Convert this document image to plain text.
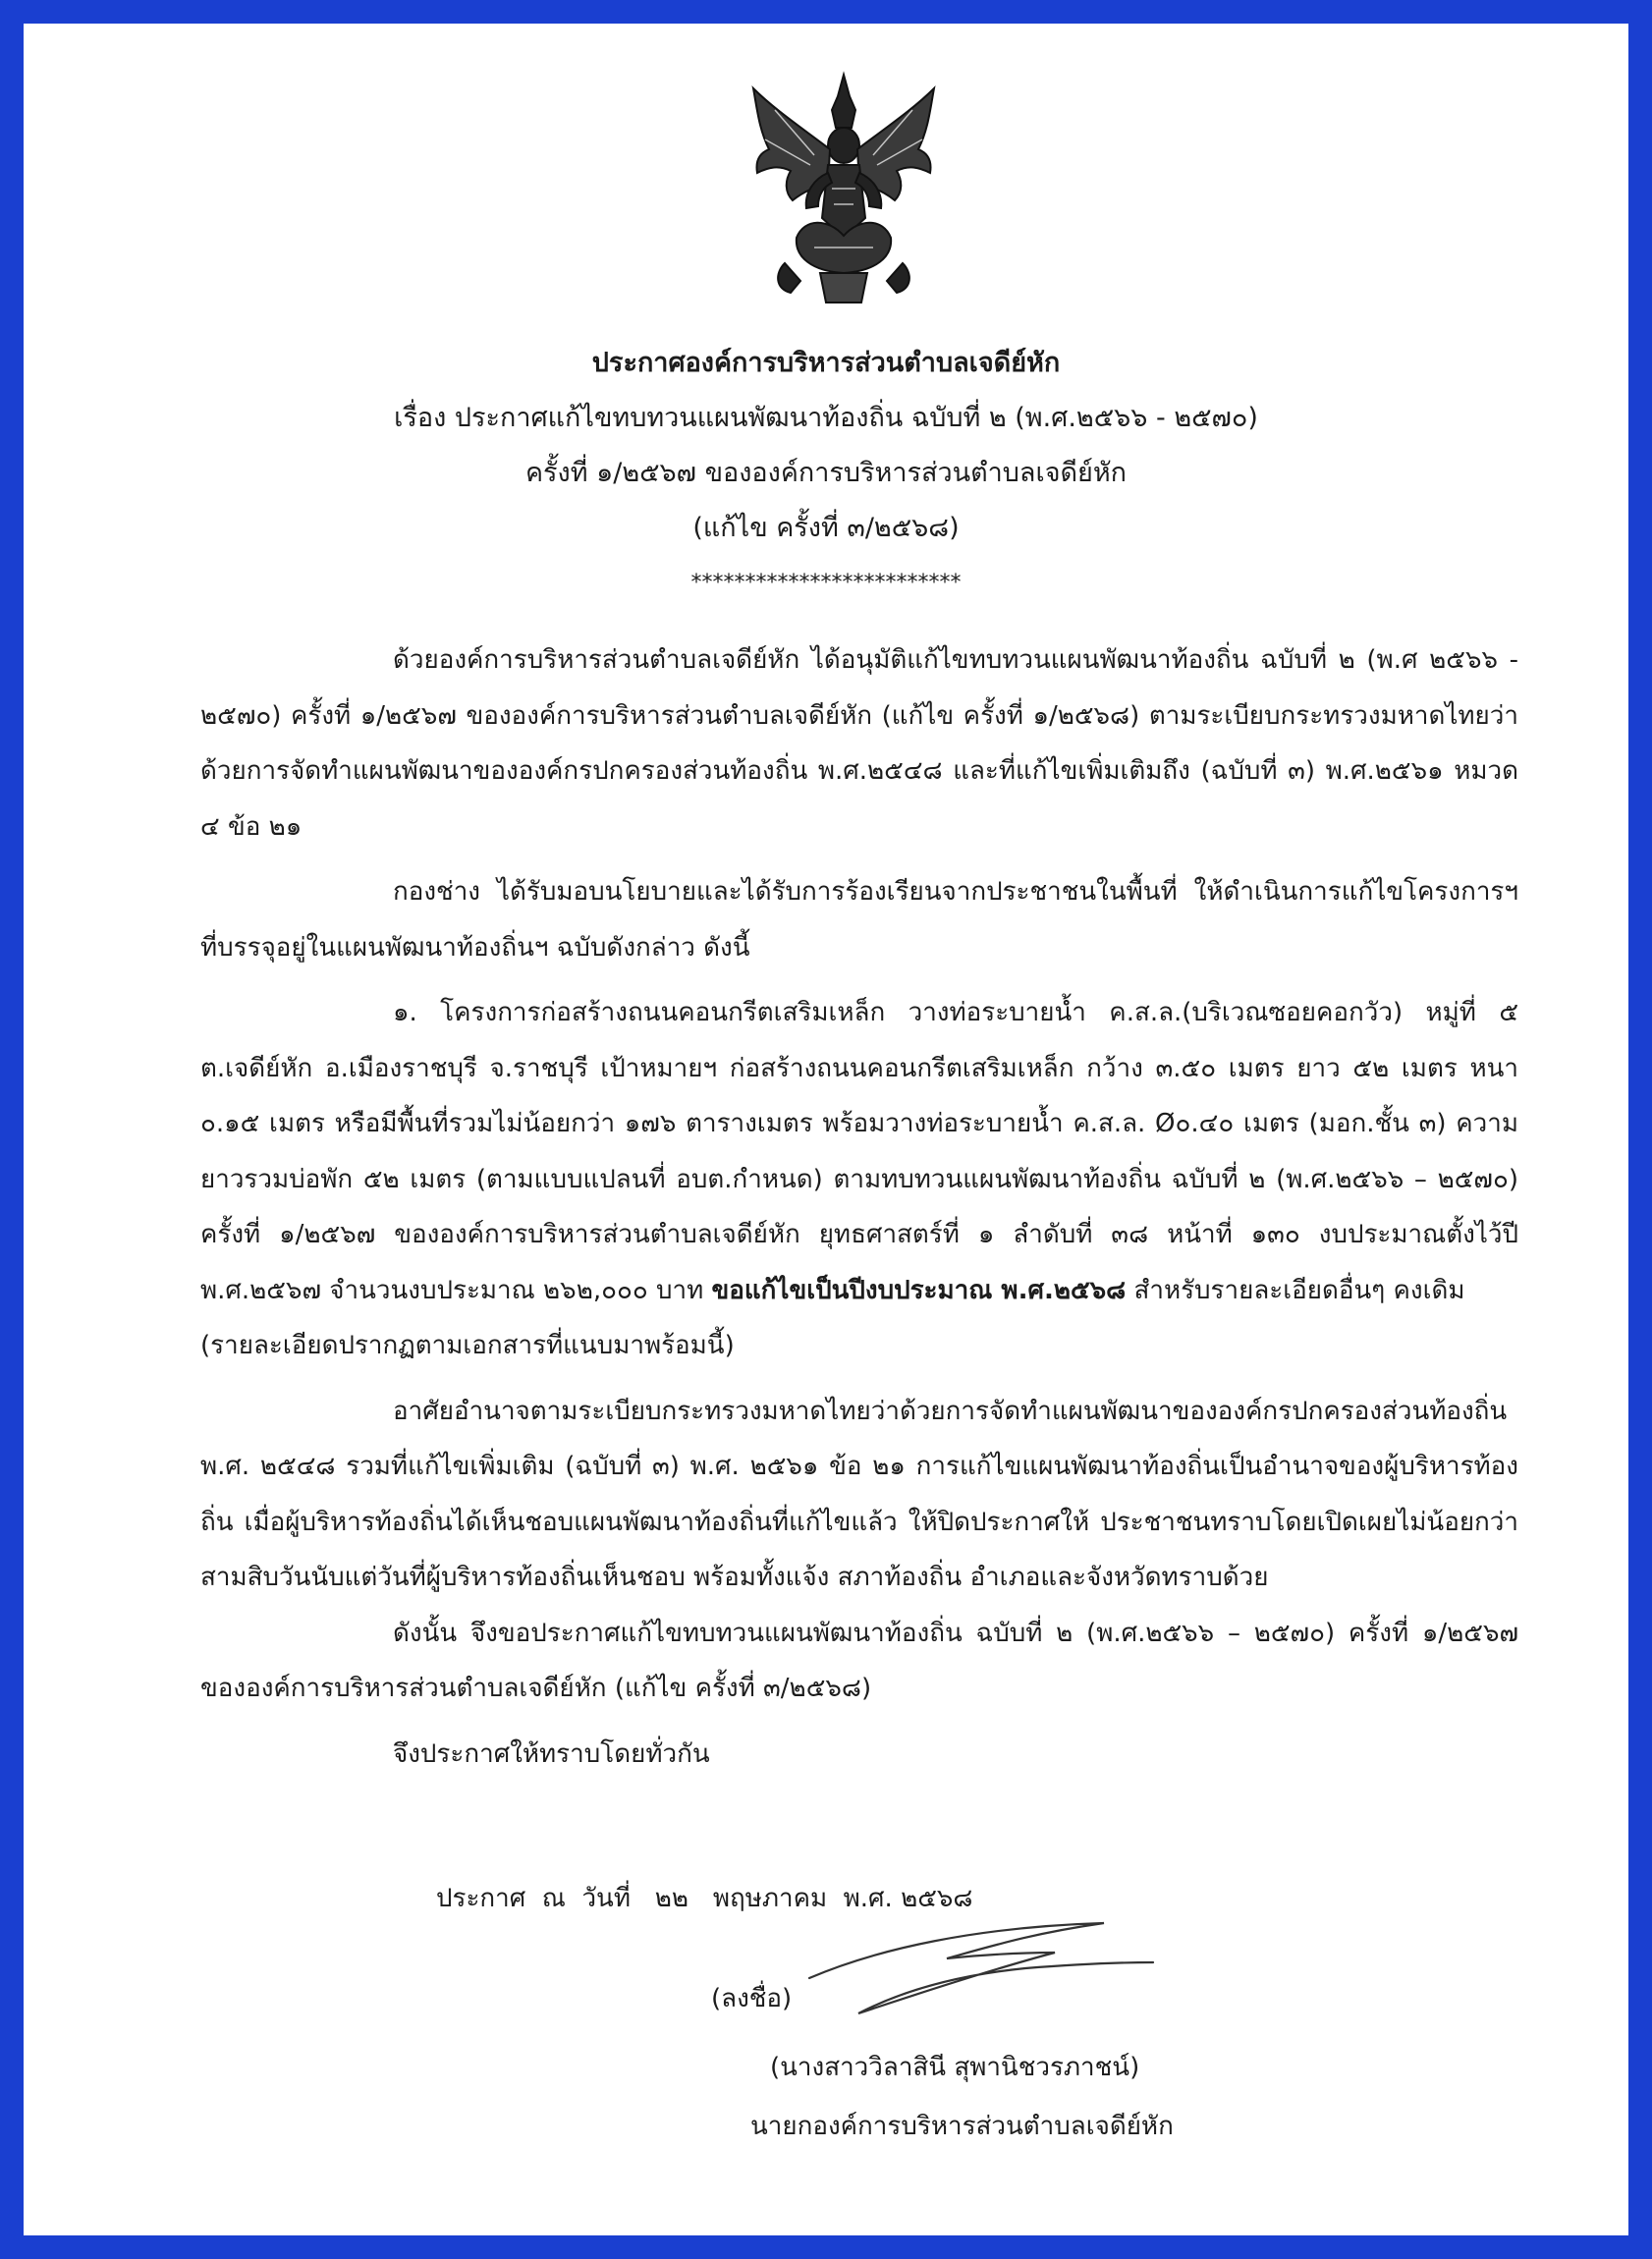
ประกาศองค์การบริหารส่วนตำบลเจดีย์หัก
เรื่อง ประกาศแก้ไขทบทวนแผนพัฒนาท้องถิ่น ฉบับที่ ๒ (พ.ศ.๒๕๖๖ - ๒๕๗๐)
ครั้งที่ ๑/๒๕๖๗ ขององค์การบริหารส่วนตำบลเจดีย์หัก
(แก้ไข ครั้งที่ ๓/๒๕๖๘)
*************************

ด้วยองค์การบริหารส่วนตำบลเจดีย์หัก ได้อนุมัติแก้ไขทบทวนแผนพัฒนาท้องถิ่น ฉบับที่ ๒ (พ.ศ ๒๕๖๖ - ๒๕๗๐) ครั้งที่ ๑/๒๕๖๗ ขององค์การบริหารส่วนตำบลเจดีย์หัก (แก้ไข ครั้งที่ ๑/๒๕๖๘) ตามระเบียบกระทรวงมหาดไทยว่าด้วยการจัดทำแผนพัฒนาขององค์กรปกครองส่วนท้องถิ่น พ.ศ.๒๕๔๘ และที่แก้ไขเพิ่มเติมถึง (ฉบับที่ ๓) พ.ศ.๒๕๖๑ หมวด ๔ ข้อ ๒๑

กองช่าง ได้รับมอบนโยบายและได้รับการร้องเรียนจากประชาชนในพื้นที่ ให้ดำเนินการแก้ไขโครงการฯ ที่บรรจุอยู่ในแผนพัฒนาท้องถิ่นฯ ฉบับดังกล่าว ดังนี้

๑. โครงการก่อสร้างถนนคอนกรีตเสริมเหล็ก วางท่อระบายน้ำ ค.ส.ล.(บริเวณซอยคอกวัว) หมู่ที่ ๕ ต.เจดีย์หัก อ.เมืองราชบุรี จ.ราชบุรี เป้าหมายฯ ก่อสร้างถนนคอนกรีตเสริมเหล็ก กว้าง ๓.๕๐ เมตร ยาว ๕๒ เมตร หนา ๐.๑๕ เมตร หรือมีพื้นที่รวมไม่น้อยกว่า ๑๗๖ ตารางเมตร พร้อมวางท่อระบายน้ำ ค.ส.ล. Ø๐.๔๐ เมตร (มอก.ชั้น ๓) ความยาวรวมบ่อพัก ๕๒ เมตร (ตามแบบแปลนที่ อบต.กำหนด) ตามทบทวนแผนพัฒนาท้องถิ่น ฉบับที่ ๒ (พ.ศ.๒๕๖๖ – ๒๕๗๐) ครั้งที่ ๑/๒๕๖๗ ขององค์การบริหารส่วนตำบลเจดีย์หัก ยุทธศาสตร์ที่ ๑ ลำดับที่ ๓๘ หน้าที่ ๑๓๐ งบประมาณตั้งไว้ปี พ.ศ.๒๕๖๗ จำนวนงบประมาณ ๒๖๒,๐๐๐ บาท ขอแก้ไขเป็นปีงบประมาณ พ.ศ.๒๕๖๘ สำหรับรายละเอียดอื่นๆ คงเดิม

(รายละเอียดปรากฏตามเอกสารที่แนบมาพร้อมนี้)

อาศัยอำนาจตามระเบียบกระทรวงมหาดไทยว่าด้วยการจัดทำแผนพัฒนาขององค์กรปกครองส่วนท้องถิ่น พ.ศ. ๒๕๔๘ รวมที่แก้ไขเพิ่มเติม (ฉบับที่ ๓) พ.ศ. ๒๕๖๑ ข้อ ๒๑ การแก้ไขแผนพัฒนาท้องถิ่นเป็นอำนาจของผู้บริหารท้องถิ่น เมื่อผู้บริหารท้องถิ่นได้เห็นชอบแผนพัฒนาท้องถิ่นที่แก้ไขแล้ว ให้ปิดประกาศให้ ประชาชนทราบโดยเปิดเผยไม่น้อยกว่าสามสิบวันนับแต่วันที่ผู้บริหารท้องถิ่นเห็นชอบ พร้อมทั้งแจ้ง สภาท้องถิ่น อำเภอและจังหวัดทราบด้วย

ดังนั้น จึงขอประกาศแก้ไขทบทวนแผนพัฒนาท้องถิ่น ฉบับที่ ๒ (พ.ศ.๒๕๖๖ – ๒๕๗๐) ครั้งที่ ๑/๒๕๖๗ ขององค์การบริหารส่วนตำบลเจดีย์หัก (แก้ไข ครั้งที่ ๓/๒๕๖๘)

จึงประกาศให้ทราบโดยทั่วกัน

ประกาศ  ณ  วันที่   ๒๒   พฤษภาคม  พ.ศ. ๒๕๖๘
(ลงชื่อ)
(นางสาววิลาสินี สุพานิชวรภาชน์)
นายกองค์การบริหารส่วนตำบลเจดีย์หัก
